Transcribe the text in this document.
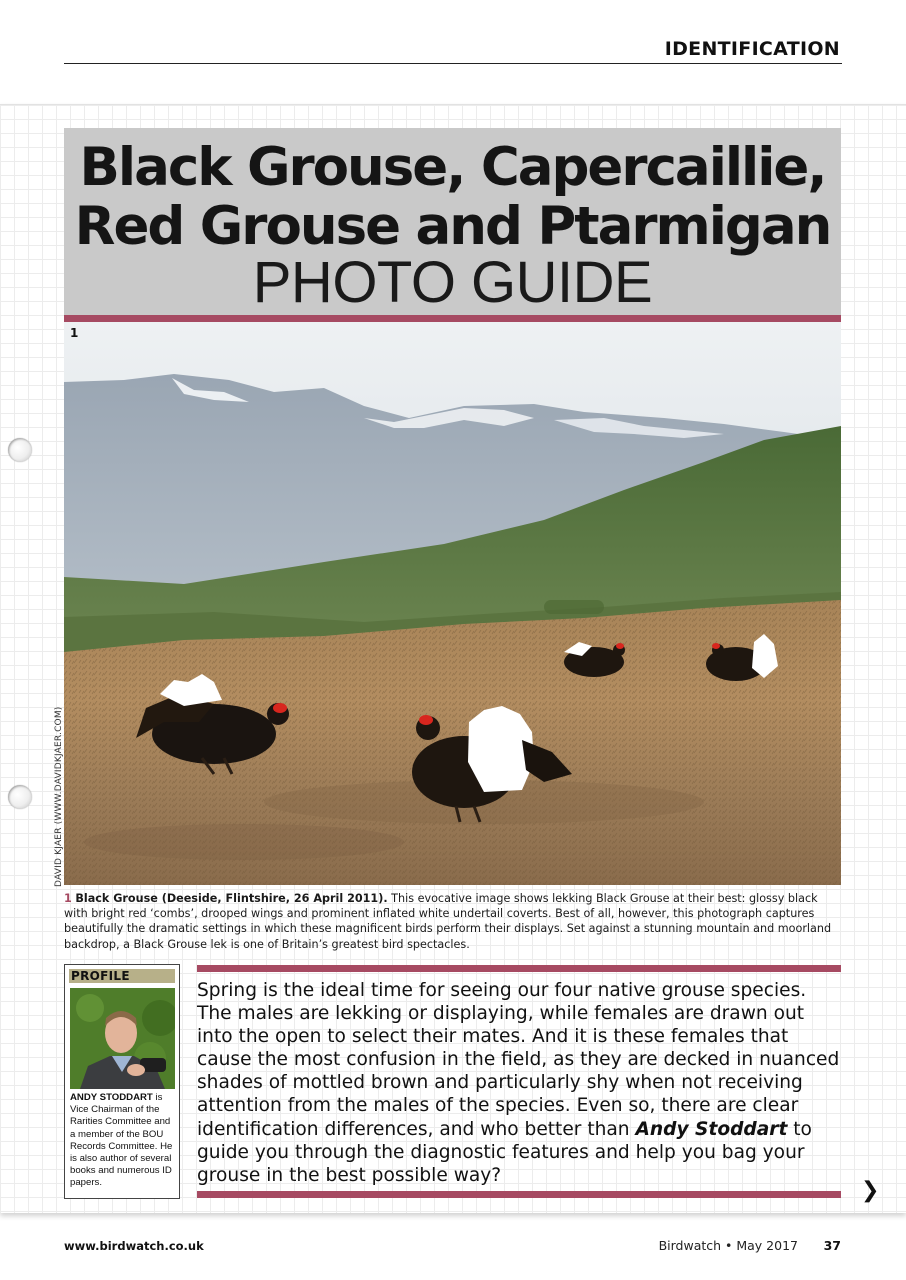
IDENTIFICATION
Black Grouse, Capercaillie,
Red Grouse and Ptarmigan
PHOTO GUIDE
1
DAVID KJAER (WWW.DAVIDKJAER.COM)
1 Black Grouse (Deeside, Flintshire, 26 April 2011). This evocative image shows lekking Black Grouse at their best: glossy black with bright red ‘combs’, drooped wings and prominent inflated white undertail coverts. Best of all, however, this photograph captures beautifully the dramatic settings in which these magnificent birds perform their displays. Set against a stunning mountain and moorland backdrop, a Black Grouse lek is one of Britain’s greatest bird spectacles.
PROFILE
ANDY STODDART is Vice Chairman of the Rarities Committee and a member of the BOU Records Committee. He is also author of several books and numerous ID papers.
Spring is the ideal time for seeing our four native grouse species. The males are lekking or displaying, while females are drawn out into the open to select their mates. And it is these females that cause the most confusion in the field, as they are decked in nuanced shades of mottled brown and particularly shy when not receiving attention from the males of the species. Even so, there are clear identification differences, and who better than Andy Stoddart to guide you through the diagnostic features and help you bag your grouse in the best possible way?
❯
www.birdwatch.co.uk	Birdwatch • May 2017 37
